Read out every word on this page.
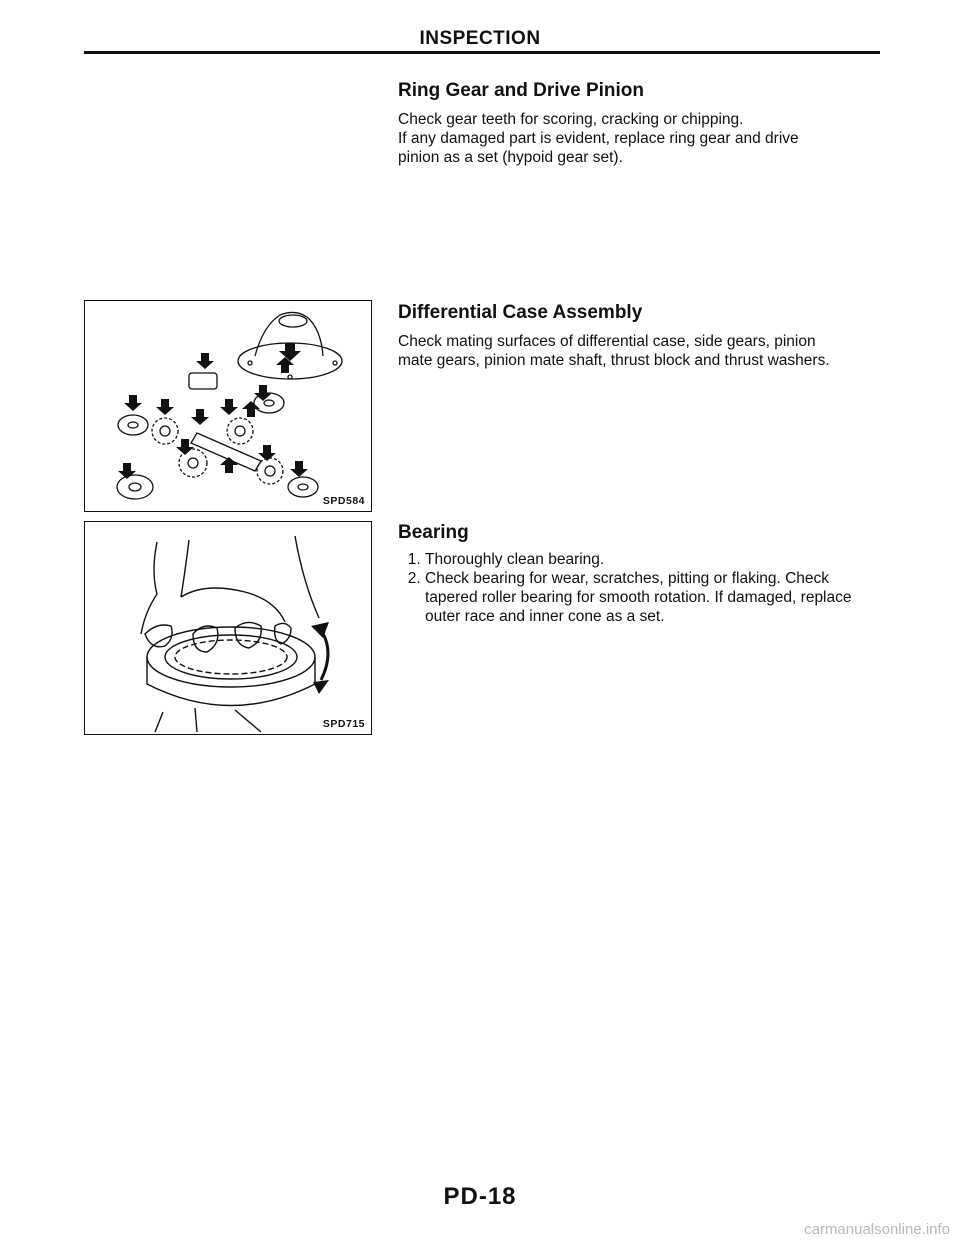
INSPECTION
Ring Gear and Drive Pinion

Check gear teeth for scoring, cracking or chipping.

If any damaged part is evident, replace ring gear and drive

pinion as a set (hypoid gear set).

Differential Case Assembly

Check mating surfaces of differential case, side gears, pinion

mate gears, pinion mate shaft, thrust block and thrust washers.

Bearing
1. Thoroughly clean bearing.
2. Check bearing for wear, scratches, pitting or flaking. Check tapered roller bearing for smooth rotation. If damaged, replace outer race and inner cone as a set.
SPD584
SPD715
PD-18
carmanualsonline.info
